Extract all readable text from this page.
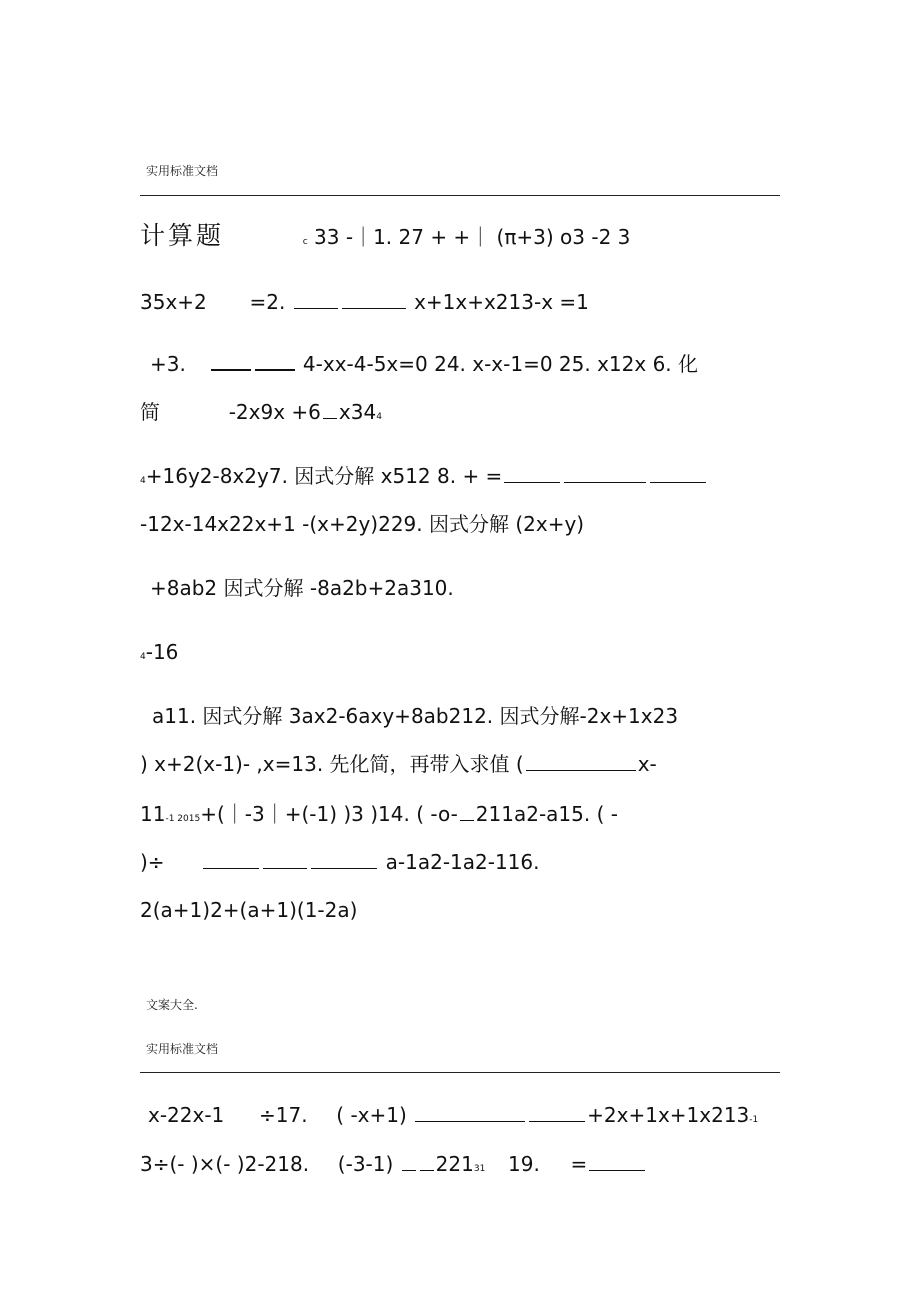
实用标准文档
计算题	c 33 -｜1. 27 + +｜ (π+3) o3 -2 3
35x+2 =2.	x+1x+x213-x =1
+3.	4-xx-4-5x=0 24. x-x-1=0 25. x12x 6. 化
简	-2x9x +6 x344
4+16y2-8x2y7. 因式分解 x512 8. + =
-12x-14x22x+1 -(x+2y)229. 因式分解 (2x+y)
+8ab2 因式分解 -8a2b+2a310.
4-16
a11. 因式分解 3ax2-6axy+8ab212. 因式分解-2x+1x23
) x+2(x-1)- ,x=13. 先化简，再带入求值 (	x-
11-1 2015+(｜-3｜+(-1) )3 )14. ( -o- 211a2-a15. ( -
)÷	a-1a2-1a2-116.
2(a+1)2+(a+1)(1-2a)
文案大全.
实用标准文档
x-22x-1 ÷17. ( -x+1)	+2x+1x+1x213-1
3÷(- )×(- )2-218. (-3-1) 22131 19. =
